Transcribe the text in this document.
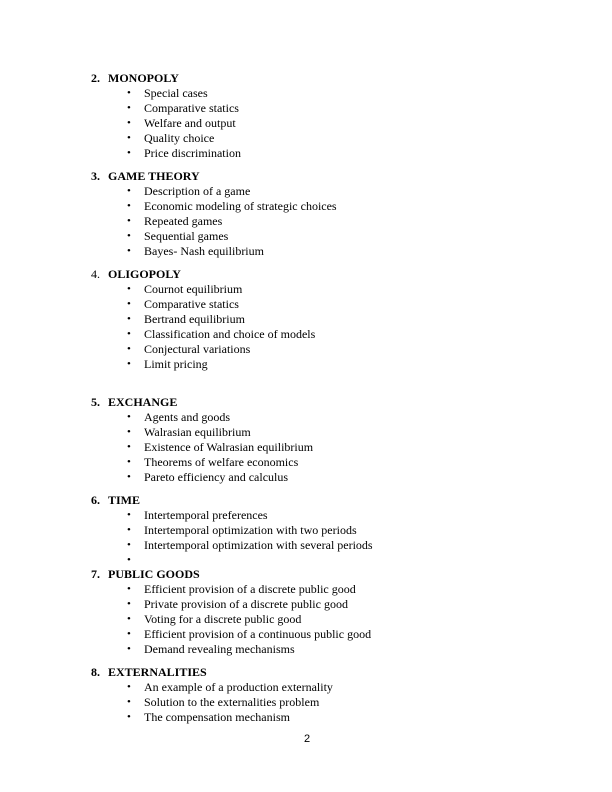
2. MONOPOLY
• Special cases
• Comparative statics
• Welfare and output
• Quality choice
• Price discrimination
3. GAME THEORY
• Description of a game
• Economic modeling of strategic choices
• Repeated games
• Sequential games
• Bayes- Nash equilibrium
4. OLIGOPOLY
• Cournot equilibrium
• Comparative statics
• Bertrand equilibrium
• Classification and choice of models
• Conjectural variations
• Limit pricing
5. EXCHANGE
• Agents and goods
• Walrasian equilibrium
• Existence of Walrasian equilibrium
• Theorems of welfare economics
• Pareto efficiency and calculus
6. TIME
• Intertemporal preferences
• Intertemporal optimization with two periods
• Intertemporal optimization with several periods
•
7. PUBLIC GOODS
• Efficient provision of a discrete public good
• Private provision of a discrete public good
• Voting for a discrete public good
• Efficient provision of a continuous public good
• Demand revealing mechanisms
8. EXTERNALITIES
• An example of a production externality
• Solution to the externalities problem
• The compensation mechanism
2
